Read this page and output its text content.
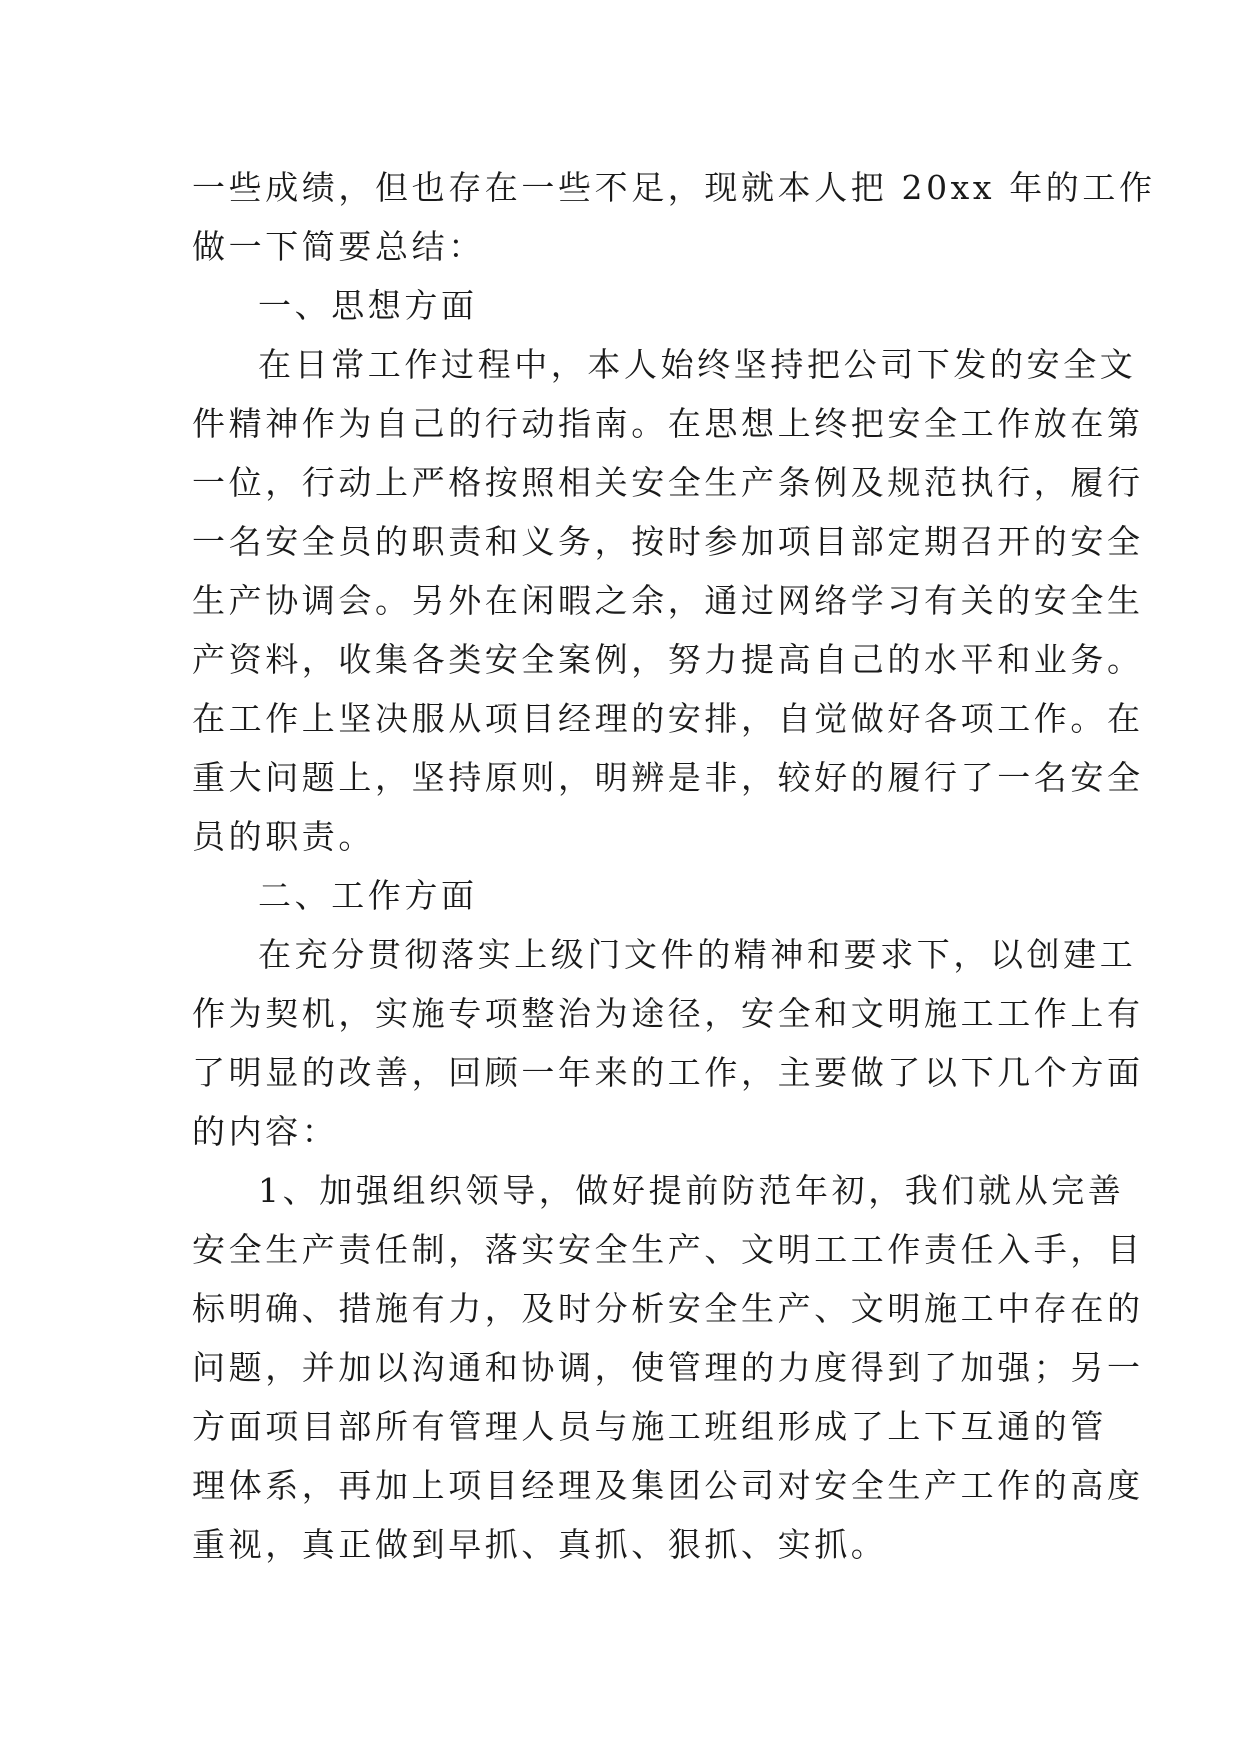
一些成绩，但也存在一些不足，现就本人把 20xx 年的工作
做一下简要总结：
一、思想方面
在日常工作过程中，本人始终坚持把公司下发的安全文
件精神作为自己的行动指南。在思想上终把安全工作放在第
一位，行动上严格按照相关安全生产条例及规范执行，履行
一名安全员的职责和义务，按时参加项目部定期召开的安全
生产协调会。另外在闲暇之余，通过网络学习有关的安全生
产资料，收集各类安全案例，努力提高自己的水平和业务。
在工作上坚决服从项目经理的安排，自觉做好各项工作。在
重大问题上，坚持原则，明辨是非，较好的履行了一名安全
员的职责。
二、工作方面
在充分贯彻落实上级门文件的精神和要求下，以创建工
作为契机，实施专项整治为途径，安全和文明施工工作上有
了明显的改善，回顾一年来的工作，主要做了以下几个方面
的内容：
1、加强组织领导，做好提前防范年初，我们就从完善
安全生产责任制，落实安全生产、文明工工作责任入手，目
标明确、措施有力，及时分析安全生产、文明施工中存在的
问题，并加以沟通和协调，使管理的力度得到了加强；另一
方面项目部所有管理人员与施工班组形成了上下互通的管
理体系，再加上项目经理及集团公司对安全生产工作的高度
重视，真正做到早抓、真抓、狠抓、实抓。
